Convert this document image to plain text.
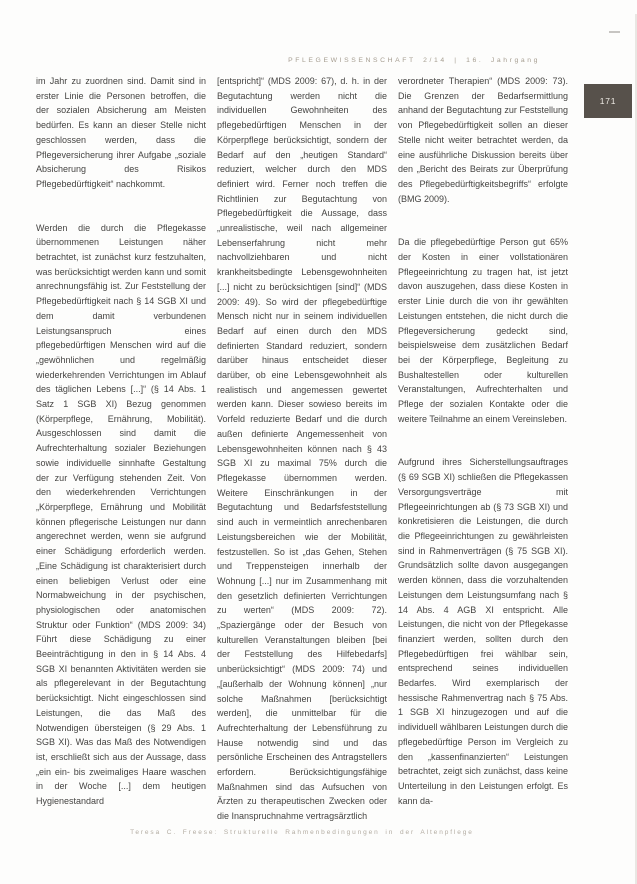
PFLEGEWISSENSCHAFT 2/14 | 16. Jahrgang
171

im Jahr zu zuordnen sind. Damit sind in erster Linie die Personen betroffen, die der sozialen Absicherung am Meisten bedürfen. Es kann an dieser Stelle nicht geschlossen werden, dass die Pflegeversicherung ihrer Aufgabe „soziale Absicherung des Risikos Pflegebedürftigkeit“ nachkommt.

Werden die durch die Pflegekasse übernommenen Leistungen näher betrachtet, ist zunächst kurz festzuhalten, was berücksichtigt werden kann und somit anrechnungsfähig ist. Zur Feststellung der Pflegebedürftigkeit nach § 14 SGB XI und dem damit verbundenen Leistungsanspruch eines pflegebedürftigen Menschen wird auf die „gewöhnlichen und regelmäßig wiederkehrenden Verrichtungen im Ablauf des täglichen Lebens [...]“ (§ 14 Abs. 1 Satz 1 SGB XI) Bezug genommen (Körperpflege, Ernährung, Mobilität). Ausgeschlossen sind damit die Aufrechterhaltung sozialer Beziehungen sowie individuelle sinnhafte Gestaltung der zur Verfügung stehenden Zeit. Von den wiederkehrenden Verrichtungen „Körperpflege, Ernährung und Mobilität können pflegerische Leistungen nur dann angerechnet werden, wenn sie aufgrund einer Schädigung erforderlich werden. „Eine Schädigung ist charakterisiert durch einen beliebigen Verlust oder eine Normabweichung in der psychischen, physiologischen oder anatomischen Struktur oder Funktion“ (MDS 2009: 34) Führt diese Schädigung zu einer Beeinträchtigung in den in § 14 Abs. 4 SGB XI benannten Aktivitäten werden sie als pflegerelevant in der Begutachtung berücksichtigt. Nicht eingeschlossen sind Leistungen, die das Maß des Notwendigen übersteigen (§ 29 Abs. 1 SGB XI). Was das Maß des Notwendigen ist, erschließt sich aus der Aussage, dass „ein ein- bis zweimaliges Haare waschen in der Woche [...] dem heutigen Hygienestandard

[entspricht]“ (MDS 2009: 67), d. h. in der Begutachtung werden nicht die individuellen Gewohnheiten des pflegebedürftigen Menschen in der Körperpflege berücksichtigt, sondern der Bedarf auf den „heutigen Standard“ reduziert, welcher durch den MDS definiert wird. Ferner noch treffen die Richtlinien zur Begutachtung von Pflegebedürftigkeit die Aussage, dass „unrealistische, weil nach allgemeiner Lebenserfahrung nicht mehr nachvollziehbaren und nicht krankheitsbedingte Lebensgewohnheiten [...] nicht zu berücksichtigen [sind]“ (MDS 2009: 49). So wird der pflegebedürftige Mensch nicht nur in seinem individuellen Bedarf auf einen durch den MDS definierten Standard reduziert, sondern darüber hinaus entscheidet dieser darüber, ob eine Lebensgewohnheit als realistisch und angemessen gewertet werden kann. Dieser sowieso bereits im Vorfeld reduzierte Bedarf und die durch außen definierte Angemessenheit von Lebensgewohnheiten können nach § 43 SGB XI zu maximal 75% durch die Pflegekasse übernommen werden. Weitere Einschränkungen in der Begutachtung und Bedarfsfeststellung sind auch in vermeintlich anrechenbaren Leistungsbereichen wie der Mobilität, festzustellen. So ist „das Gehen, Stehen und Treppensteigen innerhalb der Wohnung [...] nur im Zusammenhang mit den gesetzlich definierten Verrichtungen zu werten“ (MDS 2009: 72). „Spaziergänge oder der Besuch von kulturellen Veranstaltungen bleiben [bei der Feststellung des Hilfebedarfs] unberücksichtigt“ (MDS 2009: 74) und „[außerhalb der Wohnung können] „nur solche Maßnahmen [berücksichtigt werden], die unmittelbar für die Aufrechterhaltung der Lebensführung zu Hause notwendig sind und das persönliche Erscheinen des Antragstellers erfordern. Berücksichtigungsfähige Maßnahmen sind das Aufsuchen von Ärzten zu therapeutischen Zwecken oder die Inanspruchnahme vertragsärztlich

verordneter Therapien“ (MDS 2009: 73). Die Grenzen der Bedarfsermittlung anhand der Begutachtung zur Feststellung von Pflegebedürftigkeit sollen an dieser Stelle nicht weiter betrachtet werden, da eine ausführliche Diskussion bereits über den „Bericht des Beirats zur Überprüfung des Pflegebedürftigkeitsbegriffs“ erfolgte (BMG 2009).

Da die pflegebedürftige Person gut 65% der Kosten in einer vollstationären Pflegeeinrichtung zu tragen hat, ist jetzt davon auszugehen, dass diese Kosten in erster Linie durch die von ihr gewählten Leistungen entstehen, die nicht durch die Pflegeversicherung gedeckt sind, beispielsweise dem zusätzlichen Bedarf bei der Körperpflege, Begleitung zu Bushaltestellen oder kulturellen Veranstaltungen, Aufrechterhalten und Pflege der sozialen Kontakte oder die weitere Teilnahme an einem Vereinsleben.

Aufgrund ihres Sicherstellungsauftrages (§ 69 SGB XI) schließen die Pflegekassen Versorgungsverträge mit Pflegeeinrichtungen ab (§ 73 SGB XI) und konkretisieren die Leistungen, die durch die Pflegeeinrichtungen zu gewährleisten sind in Rahmenverträgen (§ 75 SGB XI). Grundsätzlich sollte davon ausgegangen werden können, dass die vorzuhaltenden Leistungen dem Leistungsumfang nach § 14 Abs. 4 AGB XI entspricht. Alle Leistungen, die nicht von der Pflegekasse finanziert werden, sollten durch den Pflegebedürftigen frei wählbar sein, entsprechend seines individuellen Bedarfes. Wird exemplarisch der hessische Rahmenvertrag nach § 75 Abs. 1 SGB XI hinzugezogen und auf die individuell wählbaren Leistungen durch die pflegebedürftige Person im Vergleich zu den „kassenfinanzierten“ Leistungen betrachtet, zeigt sich zunächst, dass keine Unterteilung in den Leistungen erfolgt. Es kann da-

Teresa C. Freese: Strukturelle Rahmenbedingungen in der Altenpflege
